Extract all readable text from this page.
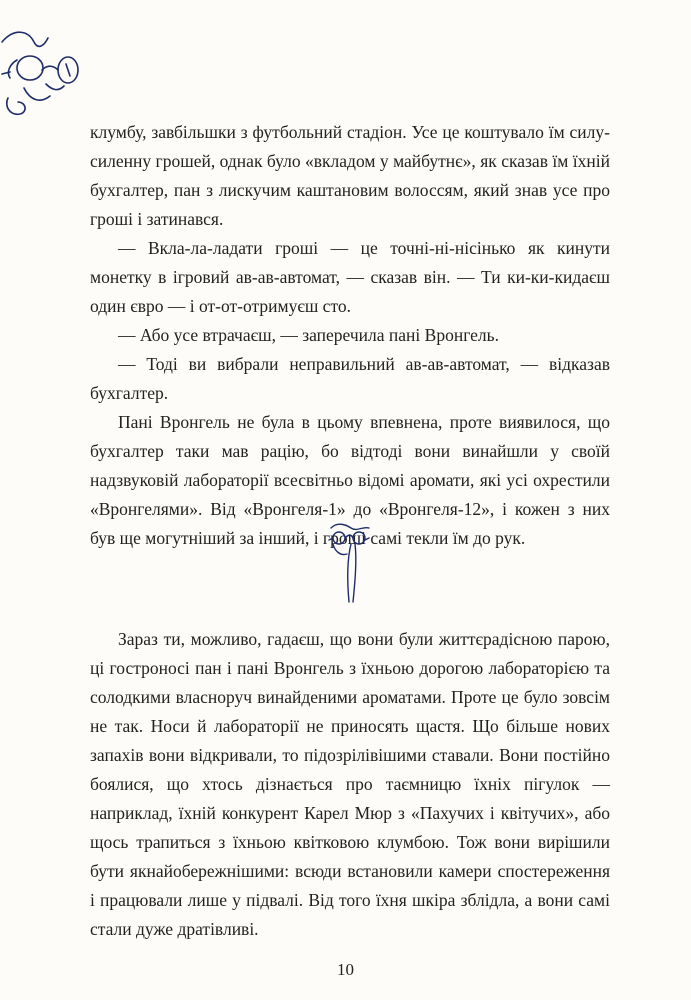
клумбу, завбільшки з футбольний стадіон. Усе це коштувало їм силу-силенну грошей, однак було «вкладом у майбутнє», як сказав їм їхній бухгалтер, пан з лискучим каштановим волоссям, який знав усе про гроші і затинався.

— Вкла-ла-ладати гроші — це точні-ні-нісінько як кинути монетку в ігровий ав-ав-автомат, — сказав він. — Ти ки-ки-кидаєш один євро — і от-от-отримуєш сто.

— Або усе втрачаєш, — заперечила пані Вронгель.

— Тоді ви вибрали неправильний ав-ав-автомат, — відказав бухгалтер.

Пані Вронгель не була в цьому впевнена, проте виявилося, що бухгалтер таки мав рацію, бо відтоді вони винайшли у своїй надзвуковій лабораторії всесвітньо відомі аромати, які усі охрестили «Вронгелями». Від «Вронгеля-1» до «Вронгеля-12», і кожен з них був ще могутніший за інший, і гроші самі текли їм до рук.

Зараз ти, можливо, гадаєш, що вони були життєрадісною парою, ці гостроносі пан і пані Вронгель з їхньою дорогою лабораторією та солодкими власноруч винайденими ароматами. Проте це було зовсім не так. Носи й лабораторії не приносять щастя. Що більше нових запахів вони відкривали, то підозрілівішими ставали. Вони постійно боялися, що хтось дізнається про таємницю їхніх пігулок — наприклад, їхній конкурент Карел Мюр з «Пахучих і квітучих», або щось трапиться з їхньою квітковою клумбою. Тож вони вирішили бути якнайобережнішими: всюди встановили камери спостереження і працювали лише у підвалі. Від того їхня шкіра зблідла, а вони самі стали дуже дратівливі.

10
